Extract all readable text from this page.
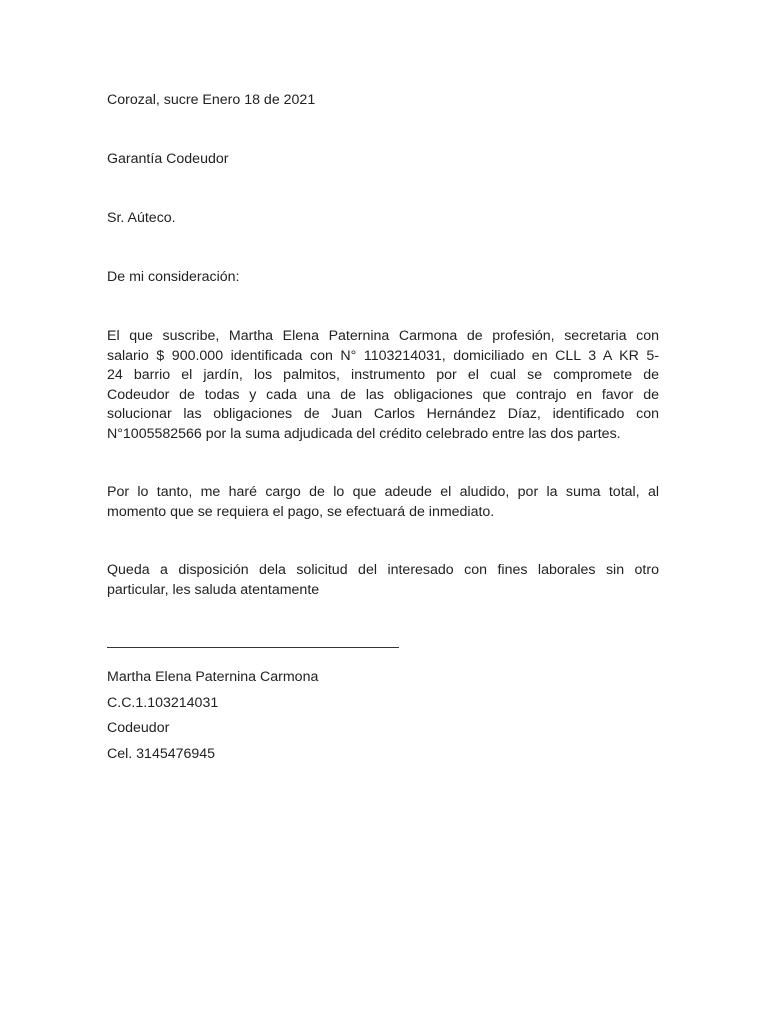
Corozal, sucre Enero 18 de 2021

Garantía Codeudor

Sr. Aúteco.

De mi consideración:

El que suscribe, Martha Elena Paternina Carmona de profesión, secretaria con
salario $ 900.000 identificada con N° 1103214031, domiciliado en CLL 3 A KR 5-
24 barrio el jardín, los palmitos, instrumento por el cual se compromete de
Codeudor de todas y cada una de las obligaciones que contrajo en favor de
solucionar las obligaciones de Juan Carlos Hernández Díaz, identificado con
N°1005582566 por la suma adjudicada del crédito celebrado entre las dos partes.
Por lo tanto, me haré cargo de lo que adeude el aludido, por la suma total, al
momento que se requiera el pago, se efectuará de inmediato.
Queda a disposición dela solicitud del interesado con fines laborales sin otro
particular, les saluda atentamente
Martha Elena Paternina Carmona
C.C.1.103214031
Codeudor
Cel. 3145476945
